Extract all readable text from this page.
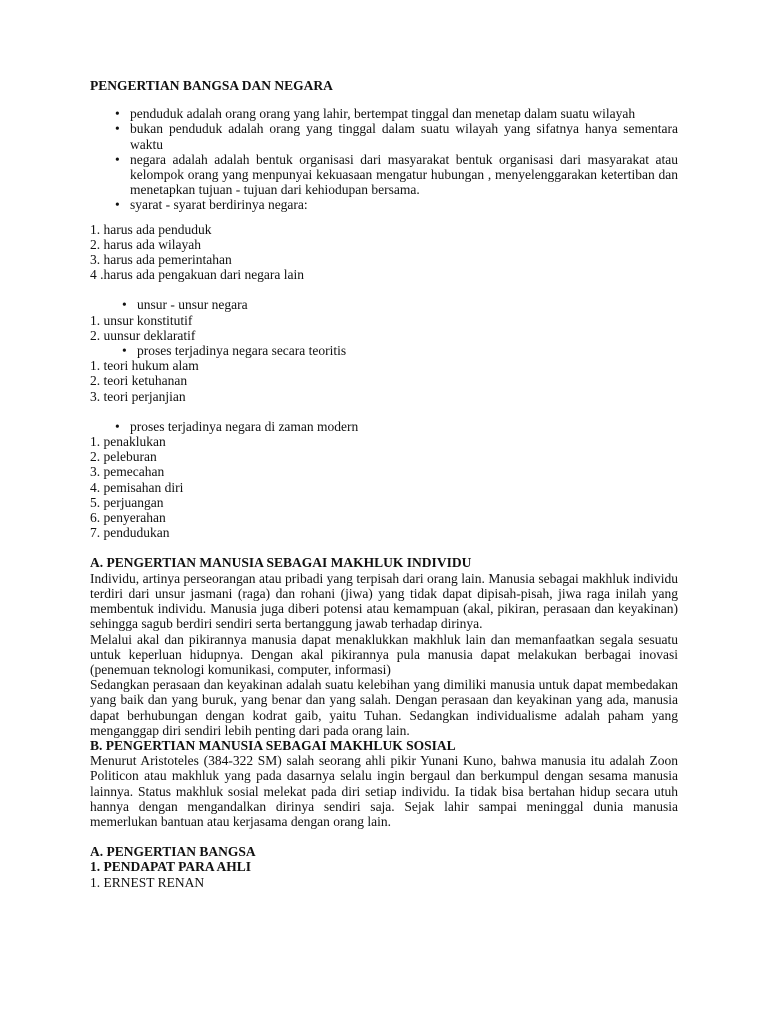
PENGERTIAN BANGSA DAN NEGARA
• penduduk adalah orang orang yang lahir, bertempat tinggal dan menetap dalam suatu wilayah
• bukan penduduk adalah orang yang tinggal dalam suatu wilayah yang sifatnya hanya sementara waktu
• negara adalah adalah bentuk organisasi dari masyarakat bentuk organisasi dari masyarakat atau kelompok orang yang menpunyai kekuasaan mengatur hubungan , menyelenggarakan ketertiban dan menetapkan tujuan - tujuan dari kehiodupan bersama.
• syarat - syarat berdirinya negara:
1. harus ada penduduk
2. harus ada wilayah
3. harus ada pemerintahan
4 .harus ada pengakuan dari negara lain
• unsur - unsur negara
1. unsur konstitutif
2. uunsur deklaratif
• proses terjadinya negara secara teoritis
1. teori hukum alam
2. teori ketuhanan
3. teori perjanjian
• proses terjadinya negara di zaman modern
1. penaklukan
2. peleburan
3. pemecahan
4. pemisahan diri
5. perjuangan
6. penyerahan
7. pendudukan
A. PENGERTIAN MANUSIA SEBAGAI MAKHLUK INDIVIDU
Individu, artinya perseorangan atau pribadi yang terpisah dari orang lain. Manusia sebagai makhluk individu terdiri dari unsur jasmani (raga) dan rohani (jiwa) yang tidak dapat dipisah-pisah, jiwa raga inilah yang membentuk individu. Manusia juga diberi potensi atau kemampuan (akal, pikiran, perasaan dan keyakinan) sehingga sagub berdiri sendiri serta bertanggung jawab terhadap dirinya.
Melalui akal dan pikirannya manusia dapat menaklukkan makhluk lain dan memanfaatkan segala sesuatu untuk keperluan hidupnya. Dengan akal pikirannya pula manusia dapat melakukan berbagai inovasi (penemuan teknologi komunikasi, computer, informasi)
Sedangkan perasaan dan keyakinan adalah suatu kelebihan yang dimiliki manusia untuk dapat membedakan yang baik dan yang buruk, yang benar dan yang salah. Dengan perasaan dan keyakinan yang ada, manusia dapat berhubungan dengan kodrat gaib, yaitu Tuhan. Sedangkan individualisme adalah paham yang menganggap diri sendiri lebih penting dari pada orang lain.
B. PENGERTIAN MANUSIA SEBAGAI MAKHLUK SOSIAL
Menurut Aristoteles (384-322 SM) salah seorang ahli pikir Yunani Kuno, bahwa manusia itu adalah Zoon Politicon atau makhluk yang pada dasarnya selalu ingin bergaul dan berkumpul dengan sesama manusia lainnya. Status makhluk sosial melekat pada diri setiap individu. Ia tidak bisa bertahan hidup secara utuh hannya dengan mengandalkan dirinya sendiri saja. Sejak lahir sampai meninggal dunia manusia memerlukan bantuan atau kerjasama dengan orang lain.
A. PENGERTIAN BANGSA
1. PENDAPAT PARA AHLI
1. ERNEST RENAN
